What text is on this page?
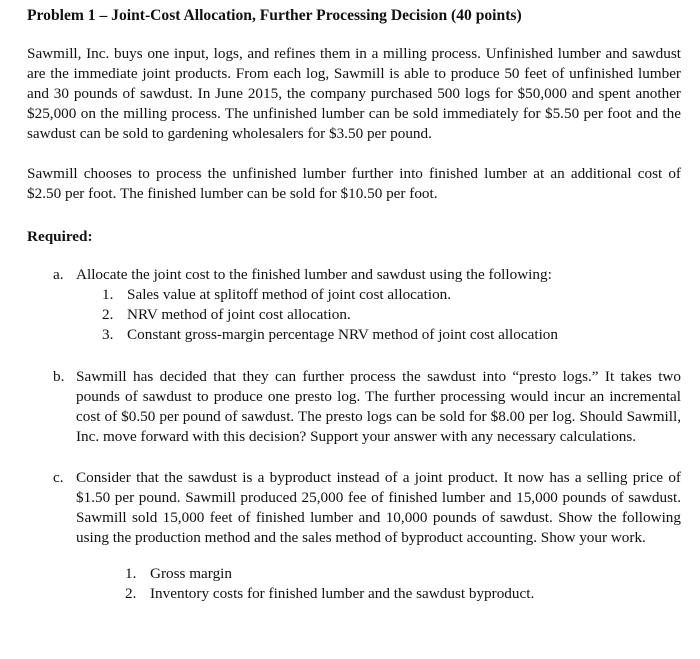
Problem 1 – Joint-Cost Allocation, Further Processing Decision (40 points)

Sawmill, Inc. buys one input, logs, and refines them in a milling process. Unfinished lumber and sawdust are the immediate joint products. From each log, Sawmill is able to produce 50 feet of unfinished lumber and 30 pounds of sawdust. In June 2015, the company purchased 500 logs for $50,000 and spent another $25,000 on the milling process. The unfinished lumber can be sold immediately for $5.50 per foot and the sawdust can be sold to gardening wholesalers for $3.50 per pound.

Sawmill chooses to process the unfinished lumber further into finished lumber at an additional cost of $2.50 per foot. The finished lumber can be sold for $10.50 per foot.

Required:
a. Allocate the joint cost to the finished lumber and sawdust using the following:
1. Sales value at splitoff method of joint cost allocation.
2. NRV method of joint cost allocation.
3. Constant gross-margin percentage NRV method of joint cost allocation
b. Sawmill has decided that they can further process the sawdust into “presto logs.” It takes two pounds of sawdust to produce one presto log. The further processing would incur an incremental cost of $0.50 per pound of sawdust. The presto logs can be sold for $8.00 per log. Should Sawmill, Inc. move forward with this decision? Support your answer with any necessary calculations.
c. Consider that the sawdust is a byproduct instead of a joint product. It now has a selling price of $1.50 per pound. Sawmill produced 25,000 fee of finished lumber and 15,000 pounds of sawdust. Sawmill sold 15,000 feet of finished lumber and 10,000 pounds of sawdust. Show the following using the production method and the sales method of byproduct accounting. Show your work.
1. Gross margin
2. Inventory costs for finished lumber and the sawdust byproduct.
